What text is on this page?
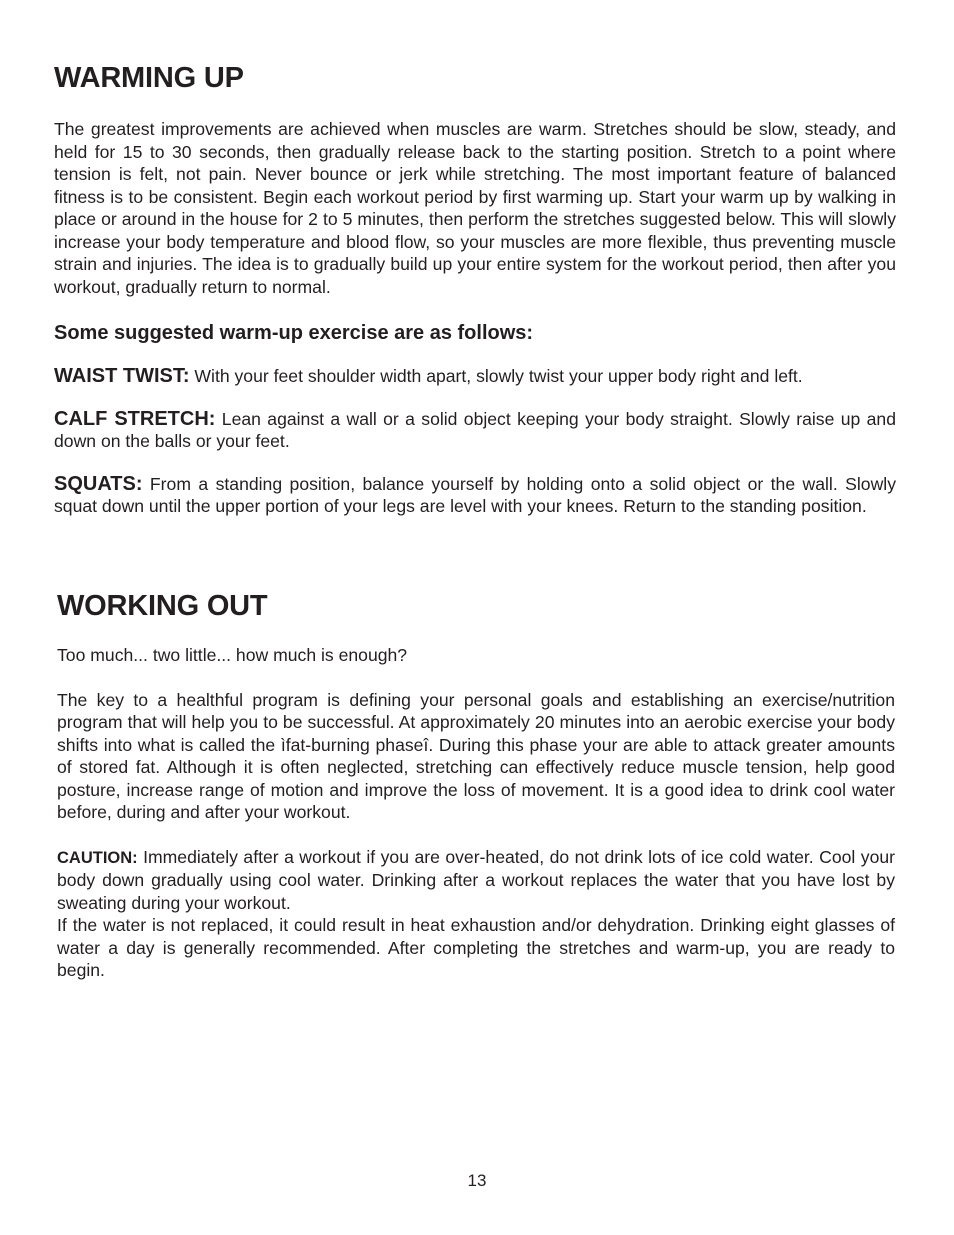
WARMING UP

The greatest improvements are achieved when muscles are warm. Stretches should be slow, steady, and held for 15 to 30 seconds, then gradually release back to the starting position. Stretch to a point where tension is felt, not pain. Never bounce or jerk while stretching. The most important feature of balanced fitness is to be consistent. Begin each workout period by first warming up. Start your warm up by walking in place or around in the house for 2 to 5 minutes, then perform the stretches suggested below. This will slowly increase your body temperature and blood flow, so your muscles are more flexible, thus preventing muscle strain and injuries. The idea is to gradually build up your entire system for the workout period, then after you workout, gradually return to normal.

Some suggested warm-up exercise are as follows:

WAIST TWIST: With your feet shoulder width apart, slowly twist your upper body right and left.

CALF STRETCH: Lean against a wall or a solid object keeping your body straight. Slowly raise up and down on the balls or your feet.

SQUATS: From a standing position, balance yourself by holding onto a solid object or the wall. Slowly squat down until the upper portion of your legs are level with your knees. Return to the standing position.

WORKING OUT

Too much... two little... how much is enough?

The key to a healthful program is defining your personal goals and establishing an exercise/nutrition program that will help you to be successful. At approximately 20 minutes into an aerobic exercise your body shifts into what is called the ìfat-burning phaseî. During this phase your are able to attack greater amounts of stored fat. Although it is often neglected, stretching can effectively reduce muscle tension, help good posture, increase range of motion and improve the loss of movement. It is a good idea to drink cool water before, during and after your workout.

CAUTION: Immediately after a workout if you are over-heated, do not drink lots of ice cold water. Cool your body down gradually using cool water. Drinking after a workout replaces the water that you have lost by sweating during your workout.

If the water is not replaced, it could result in heat exhaustion and/or dehydration. Drinking eight glasses of water a day is generally recommended. After completing the stretches and warm-up, you are ready to begin.

13
